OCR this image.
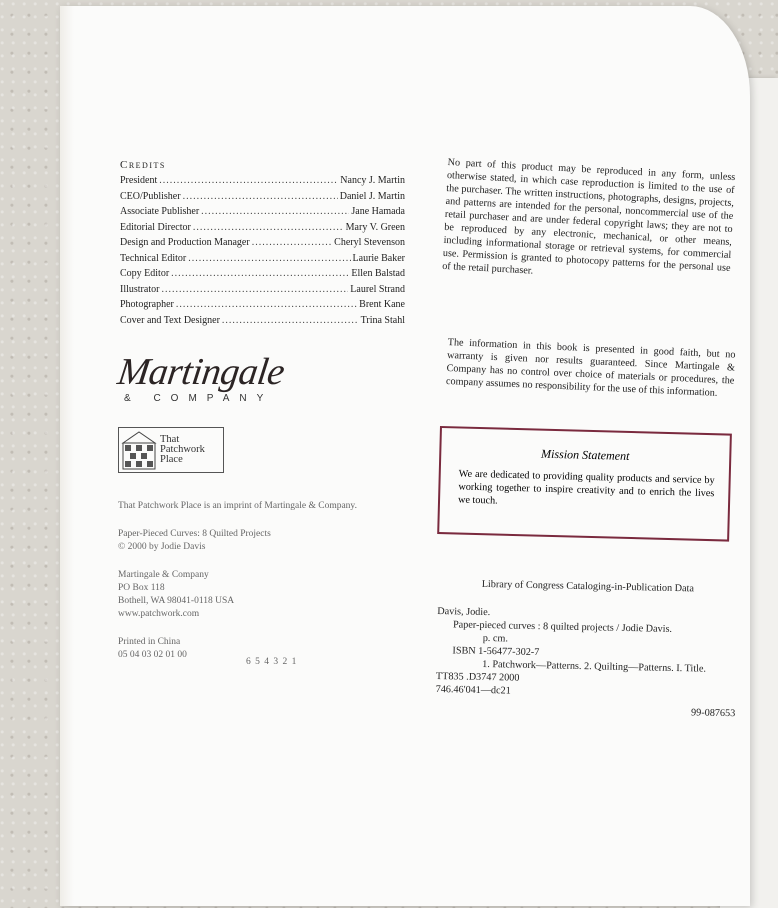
Credits
President .....	Nancy J. Martin
CEO/Publisher .....	Daniel J. Martin
Associate Publisher .....	Jane Hamada
Editorial Director .....	Mary V. Green
Design and Production Manager .....	Cheryl Stevenson
Technical Editor .....	Laurie Baker
Copy Editor .....	Ellen Balstad
Illustrator .....	Laurel Strand
Photographer .....	Brent Kane
Cover and Text Designer .....	Trina Stahl
Martingale
& COMPANY
That
Patchwork
Place
That Patchwork Place is an imprint of Martingale & Company.
Paper-Pieced Curves: 8 Quilted Projects
© 2000 by Jodie Davis
Martingale & Company
PO Box 118
Bothell, WA 98041-0118 USA
www.patchwork.com
Printed in China
05 04 03 02 01 00
6 5 4 3 2 1

No part of this product may be reproduced in any form, unless otherwise stated, in which case reproduction is limited to the use of the purchaser. The written instructions, photographs, designs, projects, and patterns are intended for the personal, noncommercial use of the retail purchaser and are under federal copyright laws; they are not to be reproduced by any electronic, mechanical, or other means, including informational storage or retrieval systems, for commercial use. Permission is granted to photocopy patterns for the personal use of the retail purchaser.

The information in this book is presented in good faith, but no warranty is given nor results guaranteed. Since Martingale & Company has no control over choice of materials or procedures, the company assumes no responsibility for the use of this information.

Mission Statement
We are dedicated to providing quality products and service by working together to inspire creativity and to enrich the lives we touch.
Library of Congress Cataloging-in-Publication Data
Davis, Jodie.
Paper-pieced curves : 8 quilted projects / Jodie Davis.
p. cm.
ISBN 1-56477-302-7
1. Patchwork—Patterns. 2. Quilting—Patterns. I. Title.
TT835 .D3747 2000
746.46'041—dc21
99-087653
